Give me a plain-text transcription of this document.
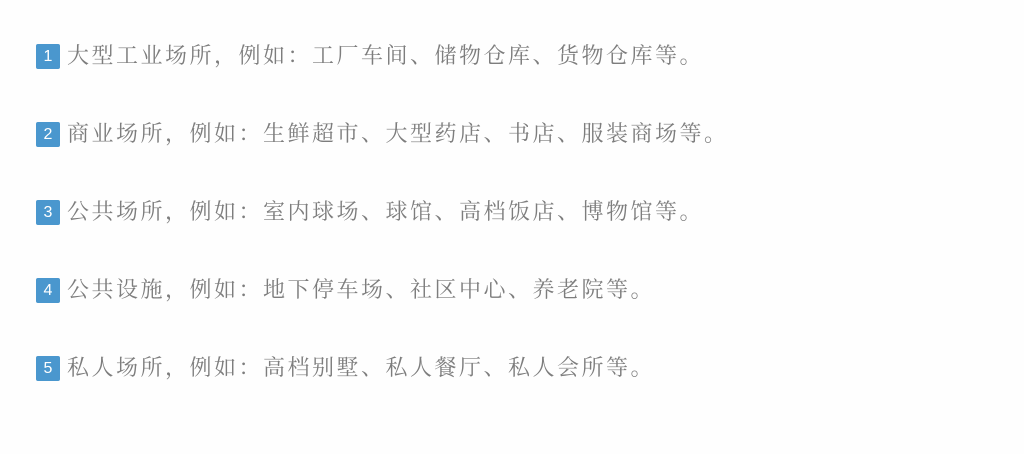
1 大型工业场所，例如：工厂车间、储物仓库、货物仓库等。
2 商业场所，例如：生鲜超市、大型药店、书店、服装商场等。
3 公共场所，例如：室内球场、球馆、高档饭店、博物馆等。
4 公共设施，例如：地下停车场、社区中心、养老院等。
5 私人场所，例如：高档别墅、私人餐厅、私人会所等。
